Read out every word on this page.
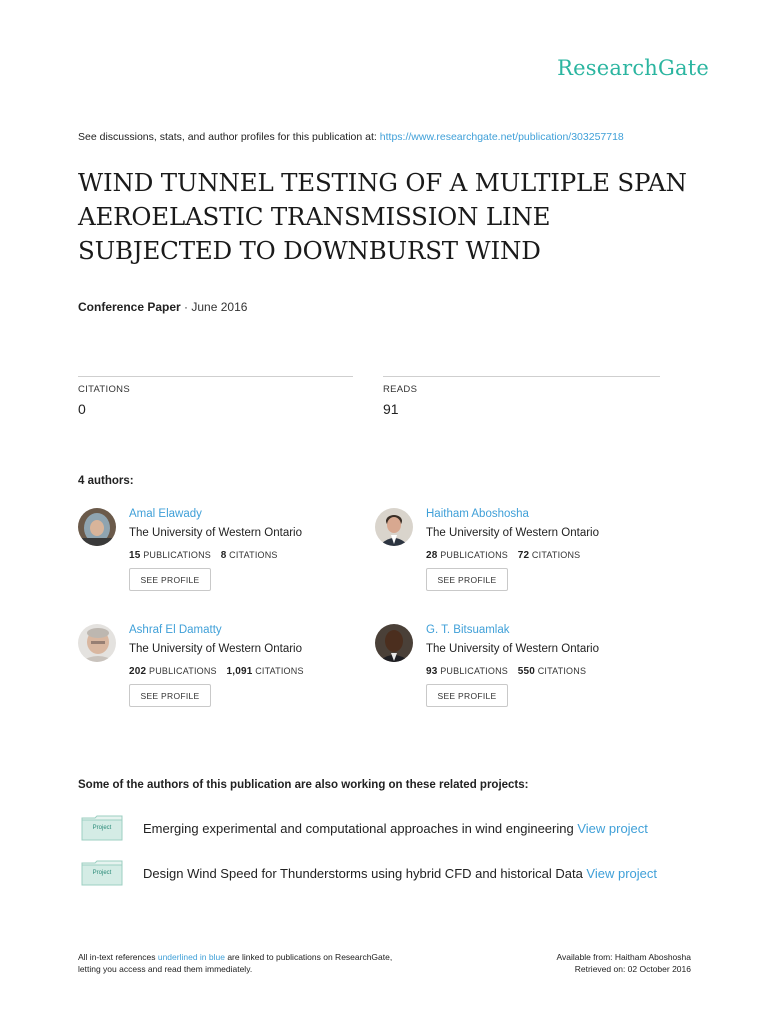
ResearchGate
See discussions, stats, and author profiles for this publication at: https://www.researchgate.net/publication/303257718
WIND TUNNEL TESTING OF A MULTIPLE SPAN
AEROELASTIC TRANSMISSION LINE
SUBJECTED TO DOWNBURST WIND
Conference Paper · June 2016
CITATIONS
0
READS
91
4 authors:
Amal Elawady
The University of Western Ontario
15 PUBLICATIONS 8 CITATIONS
SEE PROFILE
Haitham Aboshosha
The University of Western Ontario
28 PUBLICATIONS 72 CITATIONS
SEE PROFILE
Ashraf El Damatty
The University of Western Ontario
202 PUBLICATIONS 1,091 CITATIONS
SEE PROFILE
G. T. Bitsuamlak
The University of Western Ontario
93 PUBLICATIONS 550 CITATIONS
SEE PROFILE
Some of the authors of this publication are also working on these related projects:
Project	Emerging experimental and computational approaches in wind engineering View project
Project	Design Wind Speed for Thunderstorms using hybrid CFD and historical Data View project
All in-text references underlined in blue are linked to publications on ResearchGate,
letting you access and read them immediately.
Available from: Haitham Aboshosha
Retrieved on: 02 October 2016
